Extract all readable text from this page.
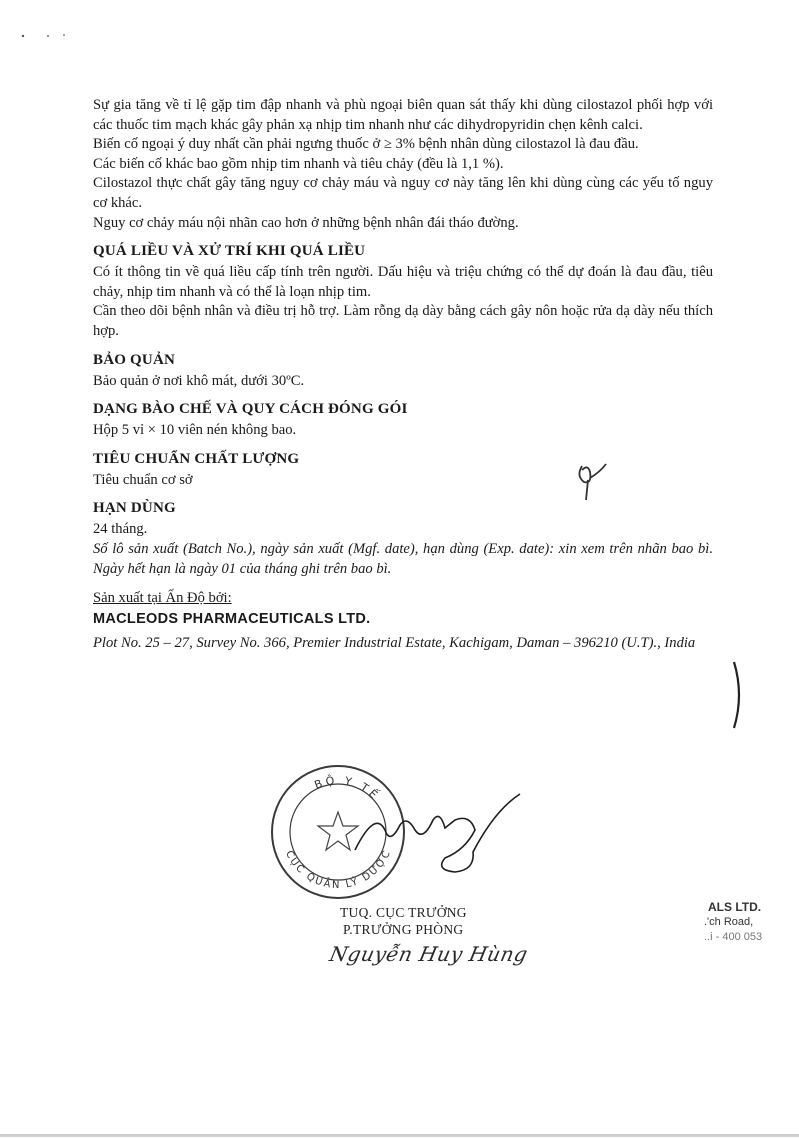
Sự gia tăng về tỉ lệ gặp tim đập nhanh và phù ngoại biên quan sát thấy khi dùng cilostazol phối hợp với các thuốc tim mạch khác gây phản xạ nhịp tim nhanh như các dihydropyridin chẹn kênh calci.

Biến cố ngoại ý duy nhất cần phải ngưng thuốc ở ≥ 3% bệnh nhân dùng cilostazol là đau đầu.

Các biến cố khác bao gồm nhịp tim nhanh và tiêu chảy (đều là 1,1 %).

Cilostazol thực chất gây tăng nguy cơ chảy máu và nguy cơ này tăng lên khi dùng cùng các yếu tố nguy cơ khác.

Nguy cơ chảy máu nội nhãn cao hơn ở những bệnh nhân đái tháo đường.

QUÁ LIỀU VÀ XỬ TRÍ KHI QUÁ LIỀU

Có ít thông tin về quá liều cấp tính trên người. Dấu hiệu và triệu chứng có thể dự đoán là đau đầu, tiêu chảy, nhịp tim nhanh và có thể là loạn nhịp tim.

Cần theo dõi bệnh nhân và điều trị hỗ trợ. Làm rỗng dạ dày bằng cách gây nôn hoặc rửa dạ dày nếu thích hợp.

BẢO QUẢN

Bảo quản ở nơi khô mát, dưới 30ºC.

DẠNG BÀO CHẾ VÀ QUY CÁCH ĐÓNG GÓI

Hộp 5 vỉ × 10 viên nén không bao.

TIÊU CHUẨN CHẤT LƯỢNG

Tiêu chuẩn cơ sở

HẠN DÙNG

24 tháng.

Số lô sản xuất (Batch No.), ngày sản xuất (Mgf. date), hạn dùng (Exp. date): xin xem trên nhãn bao bì. Ngày hết hạn là ngày 01 của tháng ghi trên bao bì.

Sản xuất tại Ấn Độ bởi:

MACLEODS PHARMACEUTICALS LTD.

Plot No. 25 – 27, Survey No. 366, Premier Industrial Estate, Kachigam, Daman – 396210 (U.T)., India

BỘ Y TẾ
CỤC QUẢN LÝ DƯỢC
TUQ. CỤC TRƯỞNG
P.TRƯỞNG PHÒNG
Nguyễn Huy Hùng
ALS LTD.
.'ch Road,
..i - 400 053
